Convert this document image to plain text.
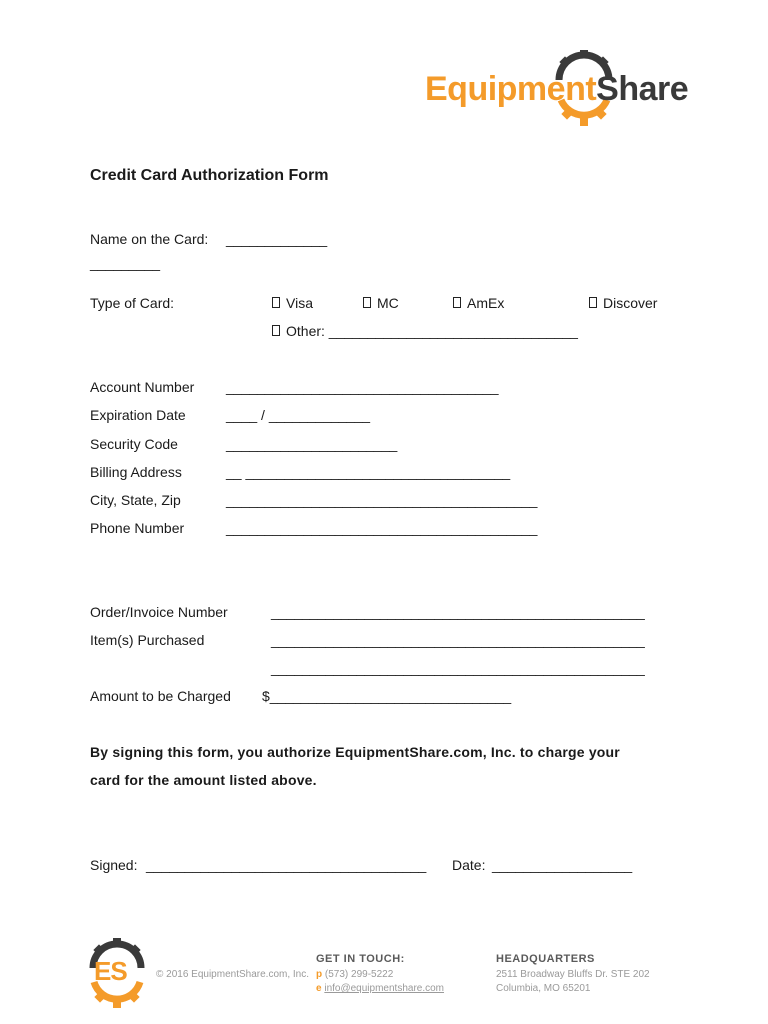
EquipmentShare
Credit Card Authorization Form
Name on the Card: _____________
_________
Type of Card:	Visa	MC	AmEx	Discover
Other: ________________________________
Account Number ___________________________________
Expiration Date	____ / _____________
Security Code	______________________
Billing Address	__ __________________________________
City, State, Zip	________________________________________
Phone Number	________________________________________
Order/Invoice Number	________________________________________________
Item(s) Purchased	________________________________________________
________________________________________________
Amount to be Charged $_______________________________
By signing this form, you authorize EquipmentShare.com, Inc. to charge your
card for the amount listed above.
Signed: ____________________________________ Date: __________________
ES	© 2016 EquipmentShare.com, Inc.
GET IN TOUCH:
p (573) 299-5222
e info@equipmentshare.com
HEADQUARTERS
2511 Broadway Bluffs Dr. STE 202
Columbia, MO 65201
